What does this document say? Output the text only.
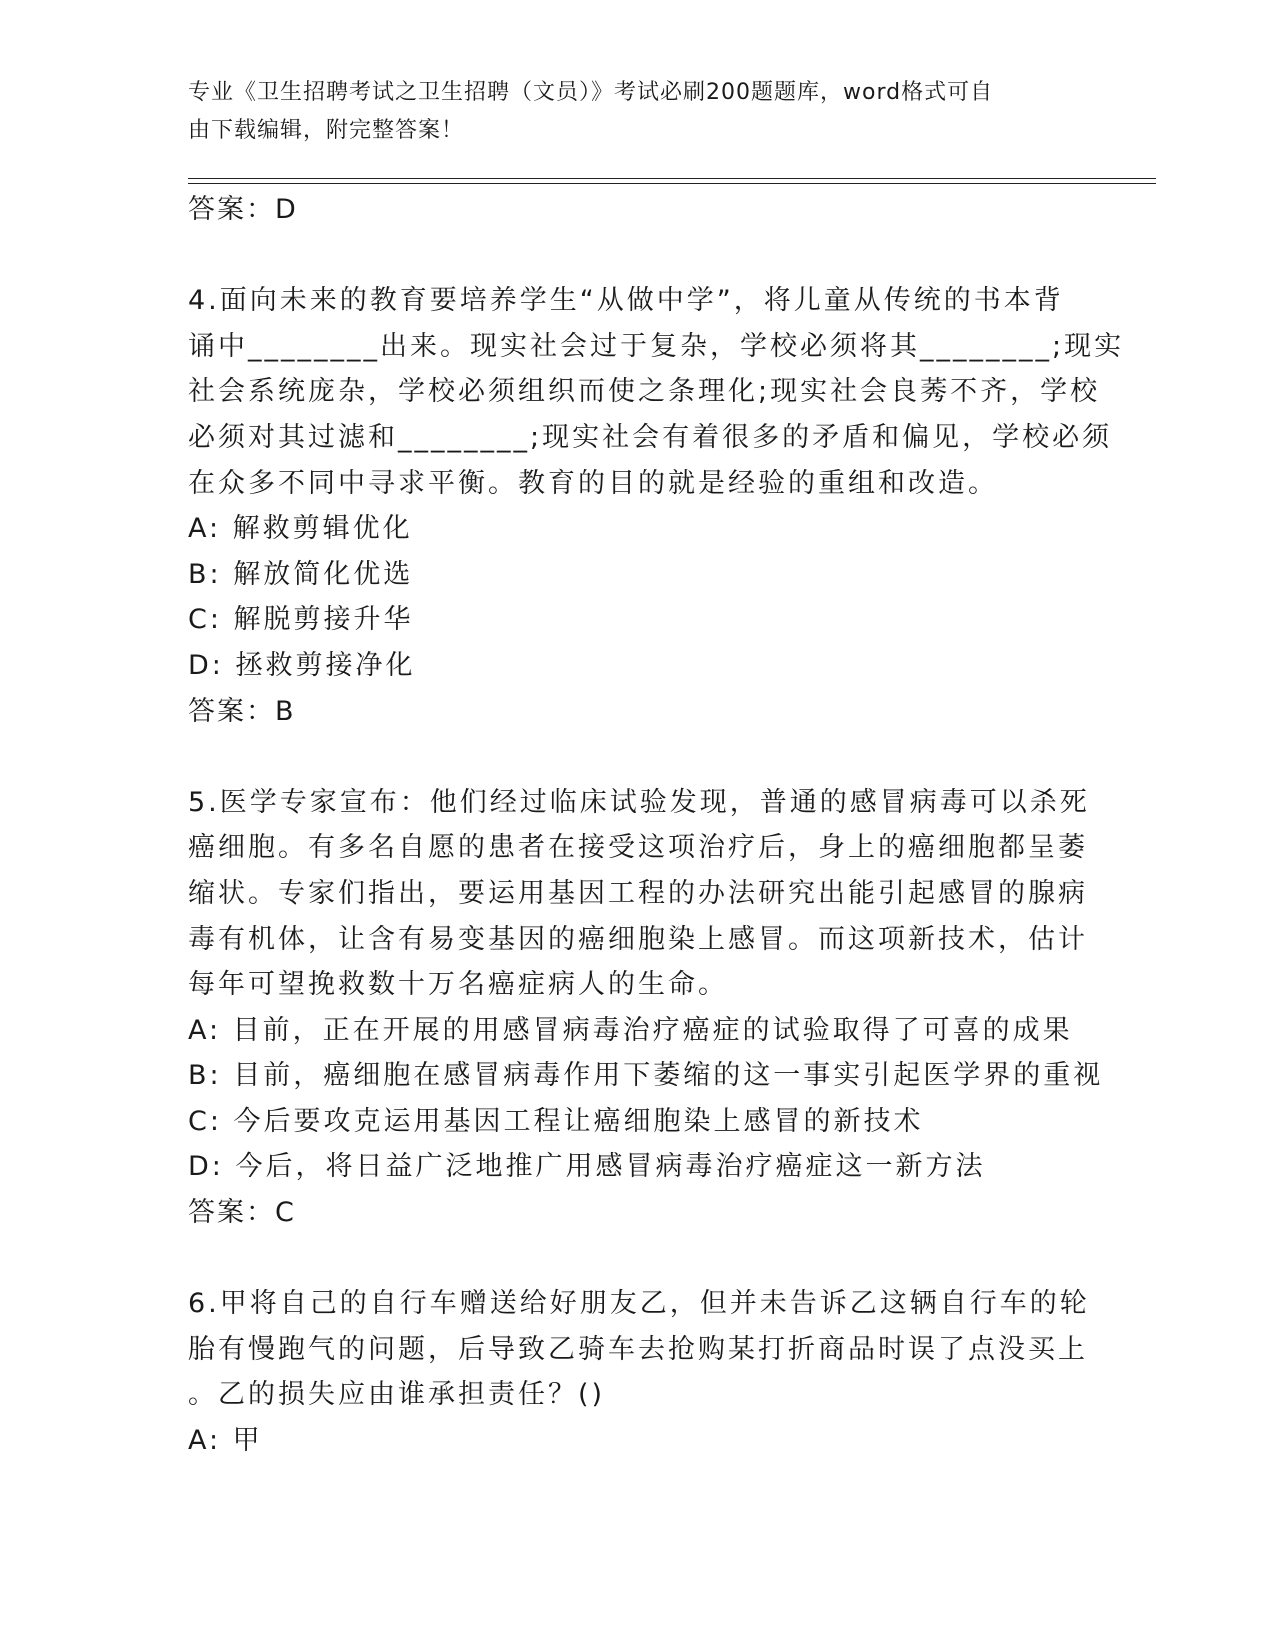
专业《卫生招聘考试之卫生招聘（文员）》考试必刷200题题库，word格式可自
由下载编辑，附完整答案！
答案：D
4.面向未来的教育要培养学生“从做中学”，将儿童从传统的书本背
诵中________出来。现实社会过于复杂，学校必须将其________;现实
社会系统庞杂，学校必须组织而使之条理化;现实社会良莠不齐，学校
必须对其过滤和________;现实社会有着很多的矛盾和偏见，学校必须
在众多不同中寻求平衡。教育的目的就是经验的重组和改造。
A: 解救剪辑优化
B: 解放简化优选
C: 解脱剪接升华
D: 拯救剪接净化
答案：B
5.医学专家宣布：他们经过临床试验发现，普通的感冒病毒可以杀死
癌细胞。有多名自愿的患者在接受这项治疗后，身上的癌细胞都呈萎
缩状。专家们指出，要运用基因工程的办法研究出能引起感冒的腺病
毒有机体，让含有易变基因的癌细胞染上感冒。而这项新技术，估计
每年可望挽救数十万名癌症病人的生命。
A: 目前，正在开展的用感冒病毒治疗癌症的试验取得了可喜的成果
B: 目前，癌细胞在感冒病毒作用下萎缩的这一事实引起医学界的重视
C: 今后要攻克运用基因工程让癌细胞染上感冒的新技术
D: 今后，将日益广泛地推广用感冒病毒治疗癌症这一新方法
答案：C
6.甲将自己的自行车赠送给好朋友乙，但并未告诉乙这辆自行车的轮
胎有慢跑气的问题，后导致乙骑车去抢购某打折商品时误了点没买上
。乙的损失应由谁承担责任？()
A: 甲
